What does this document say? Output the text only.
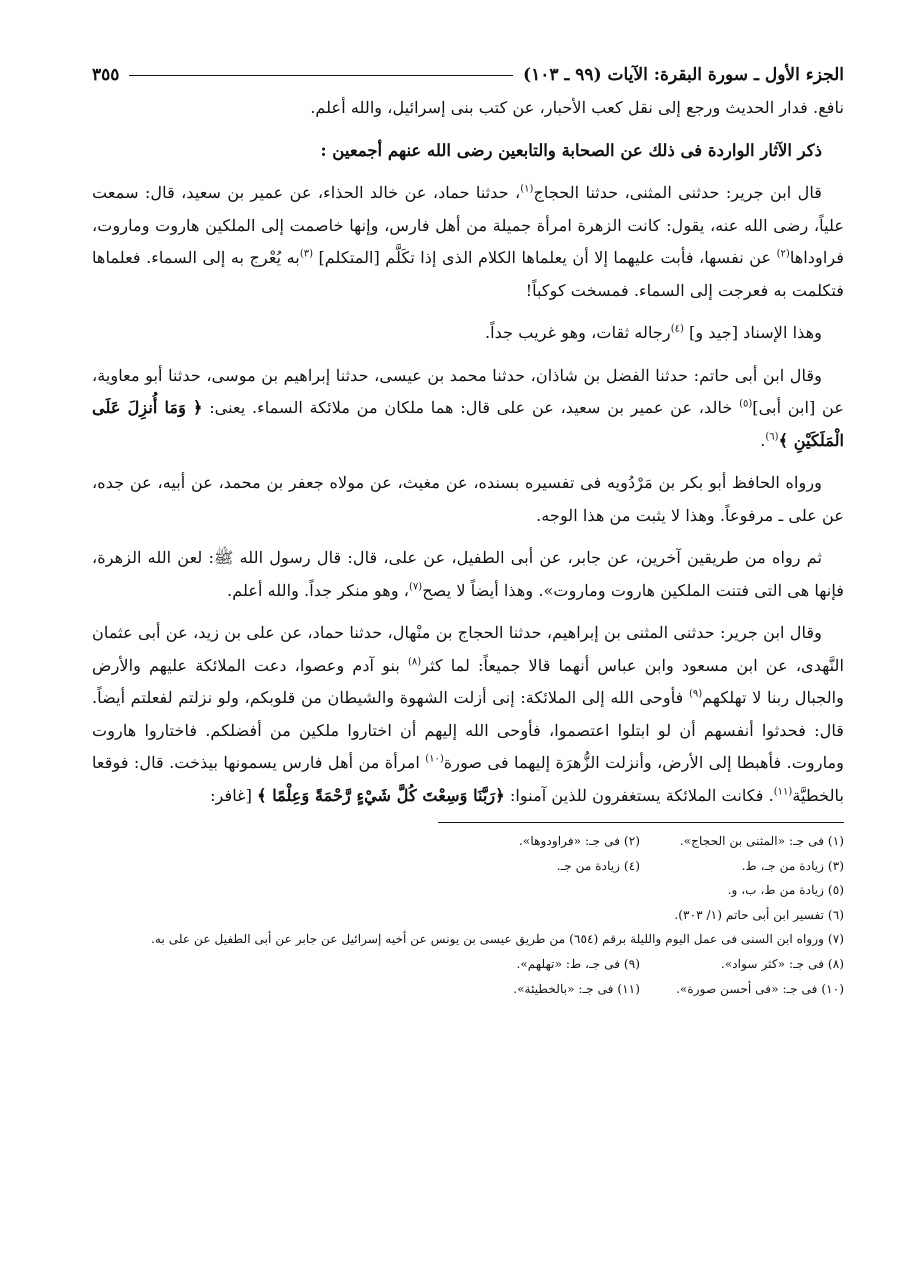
الجزء الأول ـ سورة البقرة: الآيات (٩٩ ـ ١٠٣)
٣٥٥

نافع. فدار الحديث ورجع إلى نقل كعب الأحبار، عن كتب بنى إسرائيل، والله أعلم.

ذكر الآثار الواردة فى ذلك عن الصحابة والتابعين رضى الله عنهم أجمعين :

قال ابن جرير: حدثنى المثنى، حدثنا الحجاج$^{(١)}$، حدثنا حماد، عن خالد الحذاء، عن عمير بن سعيد، قال: سمعت علياً، رضى الله عنه، يقول: كانت الزهرة امرأة جميلة من أهل فارس، وإنها خاصمت إلى الملكين هاروت وماروت، فراوداها$^{(٢)}$ عن نفسها، فأبت عليهما إلا أن يعلماها الكلام الذى إذا تكَلَّم [المتكلم] $^{(٣)}$به يُعْرج به إلى السماء. فعلماها فتكلمت به فعرجت إلى السماء. فمسخت كوكباً!

وهذا الإسناد [جيد و] $^{(٤)}$رجاله ثقات، وهو غريب جداً.

وقال ابن أبى حاتم: حدثنا الفضل بن شاذان، حدثنا محمد بن عيسى، حدثنا إبراهيم بن موسى، حدثنا أبو معاوية، عن [ابن أبى]$^{(٥)}$ خالد، عن عمير بن سعيد، عن على قال: هما ملكان من ملائكة السماء. يعنى: ﴿ وَمَا أُنزِلَ عَلَى الْمَلَكَيْنِ ﴾$^{(٦)}$.

ورواه الحافظ أبو بكر بن مَرْدُويه فى تفسيره بسنده، عن مغيث، عن مولاه جعفر بن محمد، عن أبيه، عن جده، عن على ـ مرفوعاً. وهذا لا يثبت من هذا الوجه.

ثم رواه من طريقين آخرين، عن جابر، عن أبى الطفيل، عن على، قال: قال رسول الله ﷺ: لعن الله الزهرة، فإنها هى التى فتنت الملكين هاروت وماروت». وهذا أيضاً لا يصح$^{(٧)}$، وهو منكر جداً. والله أعلم.

وقال ابن جرير: حدثنى المثنى بن إبراهيم، حدثنا الحجاج بن منْهال، حدثنا حماد، عن على بن زيد، عن أبى عثمان النَّهدى، عن ابن مسعود وابن عباس أنهما قالا جميعاً: لما كثر$^{(٨)}$ بنو آدم وعصوا، دعت الملائكة عليهم والأرض والجبال ربنا لا تهلكهم$^{(٩)}$ فأوحى الله إلى الملائكة: إنى أزلت الشهوة والشيطان من قلوبكم، ولو نزلتم لفعلتم أيضاً. قال: فحدثوا أنفسهم أن لو ابتلوا اعتصموا، فأوحى الله إليهم أن اختاروا ملكين من أفضلكم. فاختاروا هاروت وماروت. فأهبطا إلى الأرض، وأنزلت الزُّهرَة إليهما فى صورة$^{(١٠)}$ امرأة من أهل فارس يسمونها بيذخت. قال: فوقعا بالخطيَّة$^{(١١)}$. فكانت الملائكة يستغفرون للذين آمنوا: ﴿رَبَّنَا وَسِعْتَ كُلَّ شَيْءٍ رَّحْمَةً وَعِلْمًا ﴾ [غافر:

(١) فى جـ: «المثنى بن الحجاج».
(٢) فى جـ: «فراودوها».
(٣) زيادة من جـ، ط.
(٤) زيادة من جـ.
(٥) زيادة من ط، ب، و.
(٦) تفسير ابن أبى حاتم (١/ ٣٠٣).
(٧) ورواه ابن السنى فى عمل اليوم والليلة برقم (٦٥٤) من طريق عيسى بن يونس عن أخيه إسرائيل عن جابر عن أبى الطفيل عن على به.
(٨) فى جـ: «كثر سواد».
(٩) فى جـ، ط: «تهلهم».
(١٠) فى جـ: «فى أحسن صورة».
(١١) فى جـ: «بالخطيئة».
